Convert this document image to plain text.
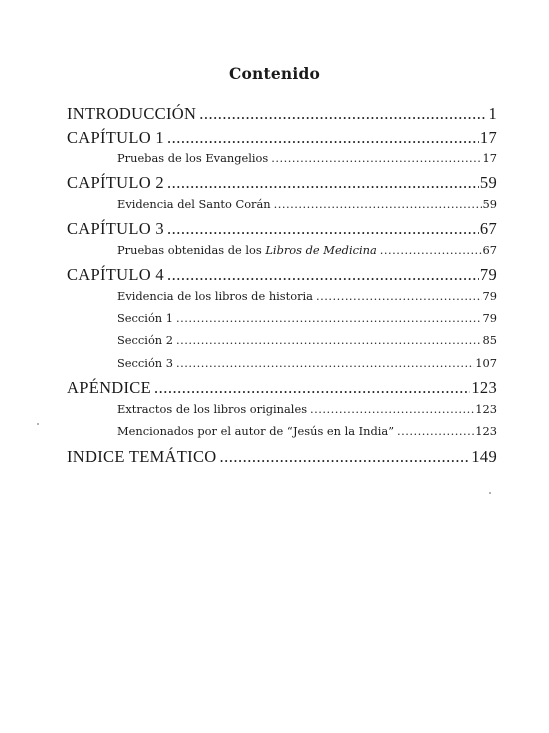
Contenido
INTRODUCCIÓN .....	1
CAPÍTULO 1 .....	17
Pruebas de los Evangelios .....	17
CAPÍTULO 2 .....	59
Evidencia del Santo Corán .....	59
CAPÍTULO 3 .....	67
Pruebas obtenidas de los Libros de Medicina .....	67
CAPÍTULO 4 .....	79
Evidencia de los libros de historia .....	79
Sección 1 .....	79
Sección 2 .....	85
Sección 3 .....	107
APÉNDICE .....	123
Extractos de los libros originales .....	123
Mencionados por el autor de “Jesús en la India” .....	123
INDICE TEMÁTICO .....	149
